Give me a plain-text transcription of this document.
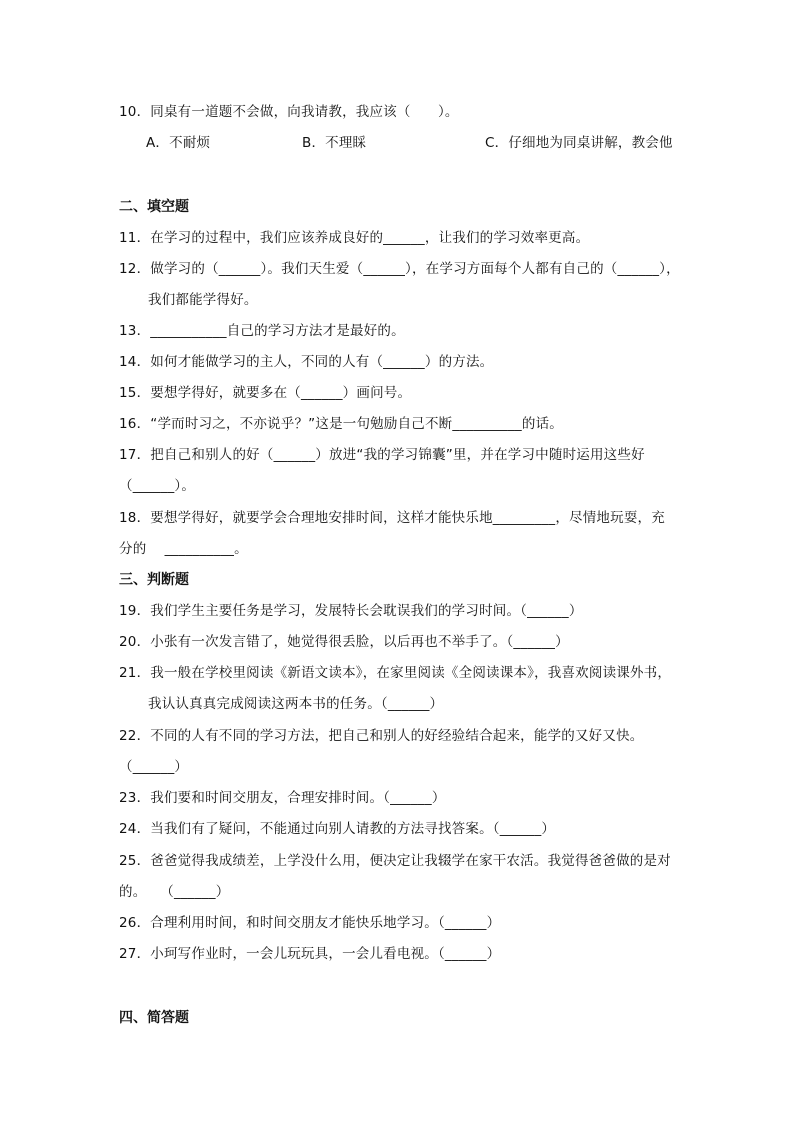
10．同桌有一道题不会做，向我请教，我应该（　　）。
A．不耐烦	B．不理睬	C．仔细地为同桌讲解，教会他
二、填空题
11．在学习的过程中，我们应该养成良好的______，让我们的学习效率更高。
12．做学习的（______）。我们天生爱（______），在学习方面每个人都有自己的（______），
我们都能学得好。
13．___________自己的学习方法才是最好的。
14．如何才能做学习的主人，不同的人有（______）的方法。
15．要想学得好，就要多在（______）画问号。
16．“学而时习之，不亦说乎？”这是一句勉励自己不断__________的话。
17．把自己和别人的好（______）放进“我的学习锦囊”里，并在学习中随时运用这些好
（______）。
18．要想学得好，就要学会合理地安排时间，这样才能快乐地_________，尽情地玩耍，充
分的　 __________。
三、判断题
19．我们学生主要任务是学习，发展特长会耽误我们的学习时间。（______）
20．小张有一次发言错了，她觉得很丢脸，以后再也不举手了。（______）
21．我一般在学校里阅读《新语文读本》，在家里阅读《全阅读课本》，我喜欢阅读课外书，
我认认真真完成阅读这两本书的任务。（______）
22．不同的人有不同的学习方法，把自己和别人的好经验结合起来，能学的又好又快。
（______）
23．我们要和时间交朋友，合理安排时间。（______）
24．当我们有了疑问，不能通过向别人请教的方法寻找答案。（______）
25．爸爸觉得我成绩差，上学没什么用，便决定让我辍学在家干农活。我觉得爸爸做的是对
的。　　（______）
26．合理利用时间，和时间交朋友才能快乐地学习。（______）
27．小珂写作业时，一会儿玩玩具，一会儿看电视。（______）
四、简答题
